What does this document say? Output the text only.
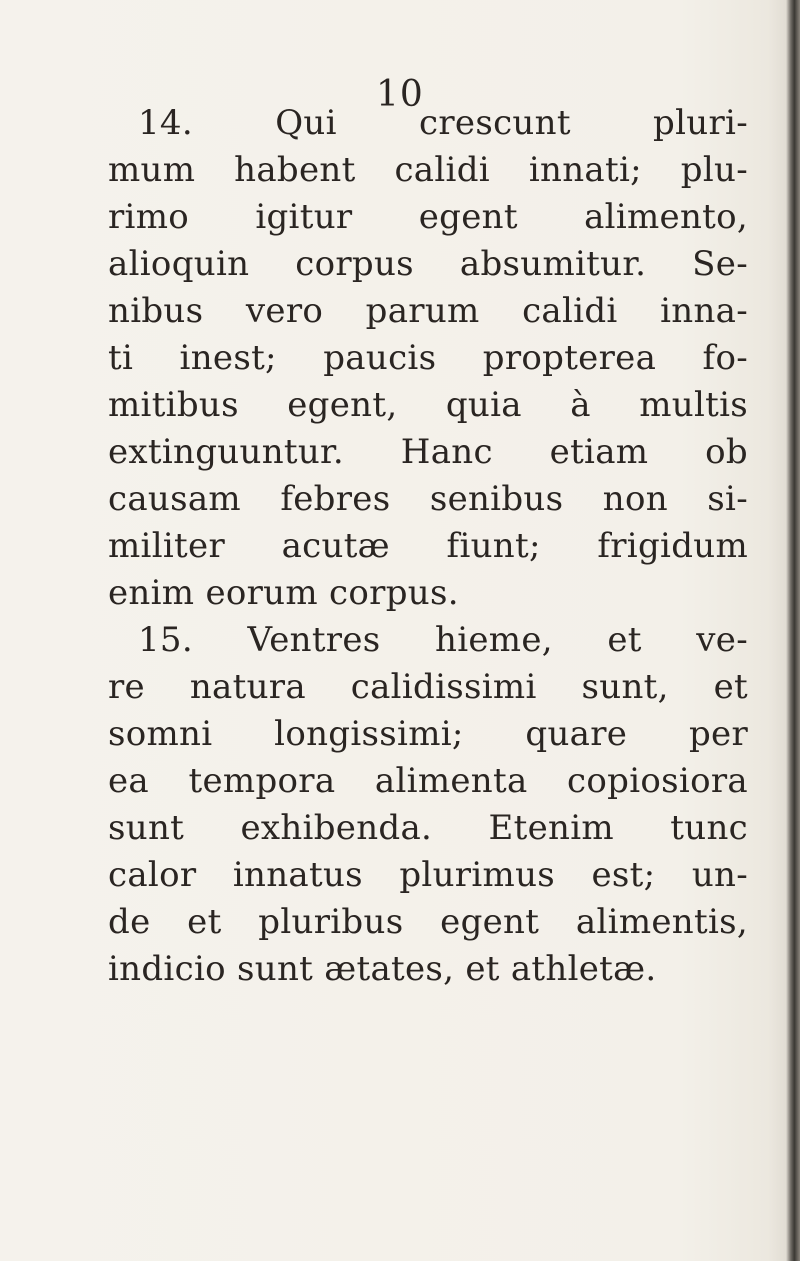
10
14. Qui crescunt pluri-
mum habent calidi innati; plu-
rimo igitur egent alimento,
alioquin corpus absumitur. Se-
nibus vero parum calidi inna-
ti inest; paucis propterea fo-
mitibus egent, quia à multis
extinguuntur. Hanc etiam ob
causam febres senibus non si-
militer acutæ fiunt; frigidum
enim eorum corpus.
15. Ventres hieme, et ve-
re natura calidissimi sunt, et
somni longissimi; quare per
ea tempora alimenta copiosiora
sunt exhibenda. Etenim tunc
calor innatus plurimus est; un-
de et pluribus egent alimentis,
indicio sunt ætates, et athletæ.
